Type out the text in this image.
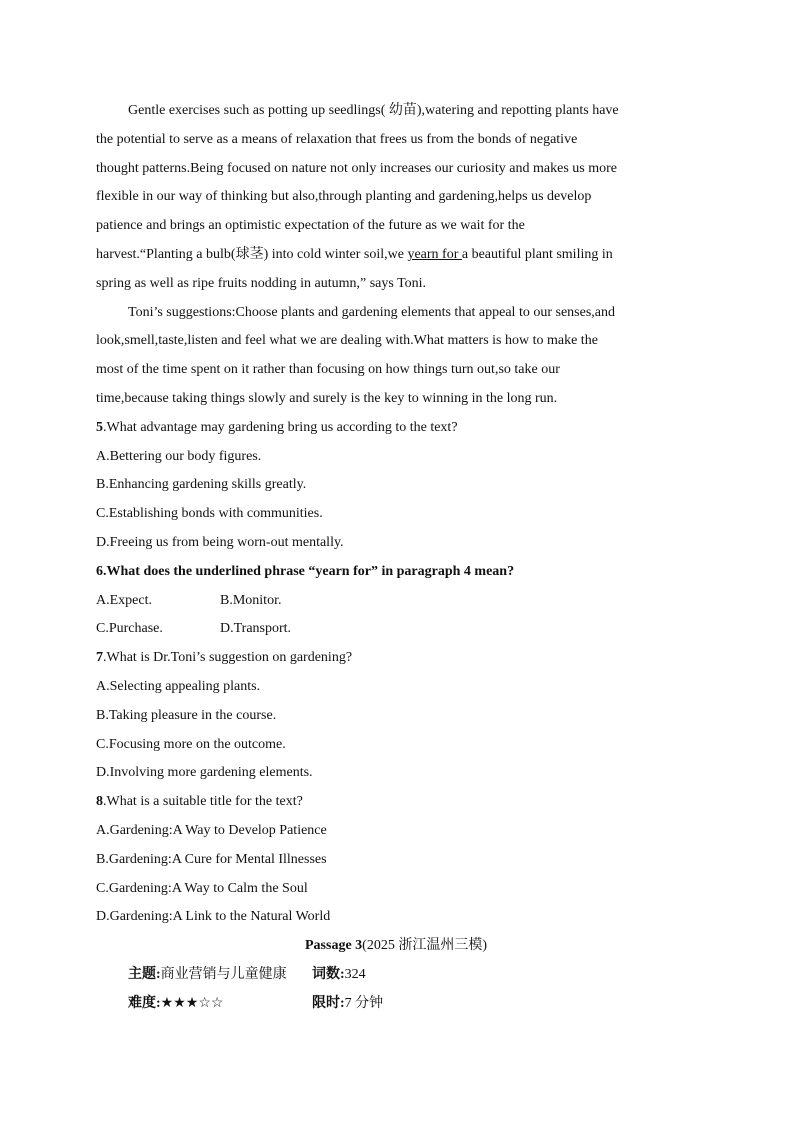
Gentle exercises such as potting up seedlings( 幼苗),watering and repotting plants have
the potential to serve as a means of relaxation that frees us from the bonds of negative
thought patterns.Being focused on nature not only increases our curiosity and makes us more
flexible in our way of thinking but also,through planting and gardening,helps us develop
patience and brings an optimistic expectation of the future as we wait for the
harvest.“Planting a bulb(球茎) into cold winter soil,we yearn for a beautiful plant smiling in
spring as well as ripe fruits nodding in autumn,” says Toni.
Toni’s suggestions:Choose plants and gardening elements that appeal to our senses,and
look,smell,taste,listen and feel what we are dealing with.What matters is how to make the
most of the time spent on it rather than focusing on how things turn out,so take our
time,because taking things slowly and surely is the key to winning in the long run.
5.What advantage may gardening bring us according to the text?
A.Bettering our body figures.
B.Enhancing gardening skills greatly.
C.Establishing bonds with communities.
D.Freeing us from being worn-out mentally.
6.What does the underlined phrase “yearn for” in paragraph 4 mean?
A.Expect.	B.Monitor.
C.Purchase.	D.Transport.
7.What is Dr.Toni’s suggestion on gardening?
A.Selecting appealing plants.
B.Taking pleasure in the course.
C.Focusing more on the outcome.
D.Involving more gardening elements.
8.What is a suitable title for the text?
A.Gardening:A Way to Develop Patience
B.Gardening:A Cure for Mental Illnesses
C.Gardening:A Way to Calm the Soul
D.Gardening:A Link to the Natural World
Passage 3(2025 浙江温州三模)
主题:商业营销与儿童健康	词数:324
难度:★★★☆☆	限时:7 分钟
